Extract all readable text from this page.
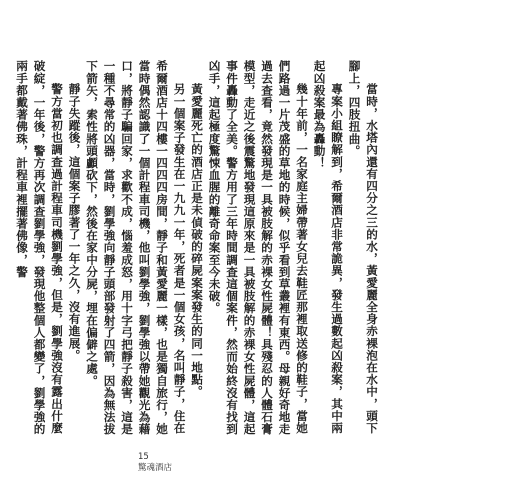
當時，水塔內還有四分之三的水，黃愛麗全身赤裸泡在水中，頭下腳上，四肢扭曲。

專案小組瞭解到，希爾酒店非常詭異，發生過數起凶殺案，其中兩起凶殺案最為轟動！

幾十年前，一名家庭主婦帶著女兒去鞋匠那裡取送修的鞋子，當她們路過一片茂盛的草地的時候，似乎看到草叢裡有東西。母親好奇地走過去查看，竟然發現是一具被肢解的赤裸女性屍體！具殘忍的人體石膏模型，走近之後震驚地發現這原來是一具被肢解的赤裸女性屍體，這起事件轟動了全美。警方用了三年時間調查這個案件，然而始終沒有找到凶手，這起極度驚悚血腥的離奇命案至今未破。

黃愛麗死亡的酒店正是未偵破的碎屍案案發生的同一地點。

另一個案子發生在一九九一年，死者是一個女孩，名叫靜子，住在希爾酒店十四樓一四四四房間，靜子和黃愛麗一樣，也是獨自旅行，她當時偶然認識了一個計程車司機，他叫劉學強，劉學強以帶她觀光為藉口，將靜子騙回家，求歡不成，惱羞成怒，用十字弓把靜子殺害，這是一種不尋常的凶器，當時，劉學強向靜子頭部發射了四箭，因為無法拔下箭矢，索性將頭顱砍下，然後在家中分屍，埋在偏僻之處。

靜子失蹤後，這個案子膠著了一年之久，沒有進展。

警方當初也調查過計程車司機劉學強，但是，劉學強沒有露出什麼破綻，一年後，警方再次調查劉學強，發現他整個人都變了，劉學強的兩手都戴著佛珠，計程車裡擺著佛像，警

15
驚魂酒店
